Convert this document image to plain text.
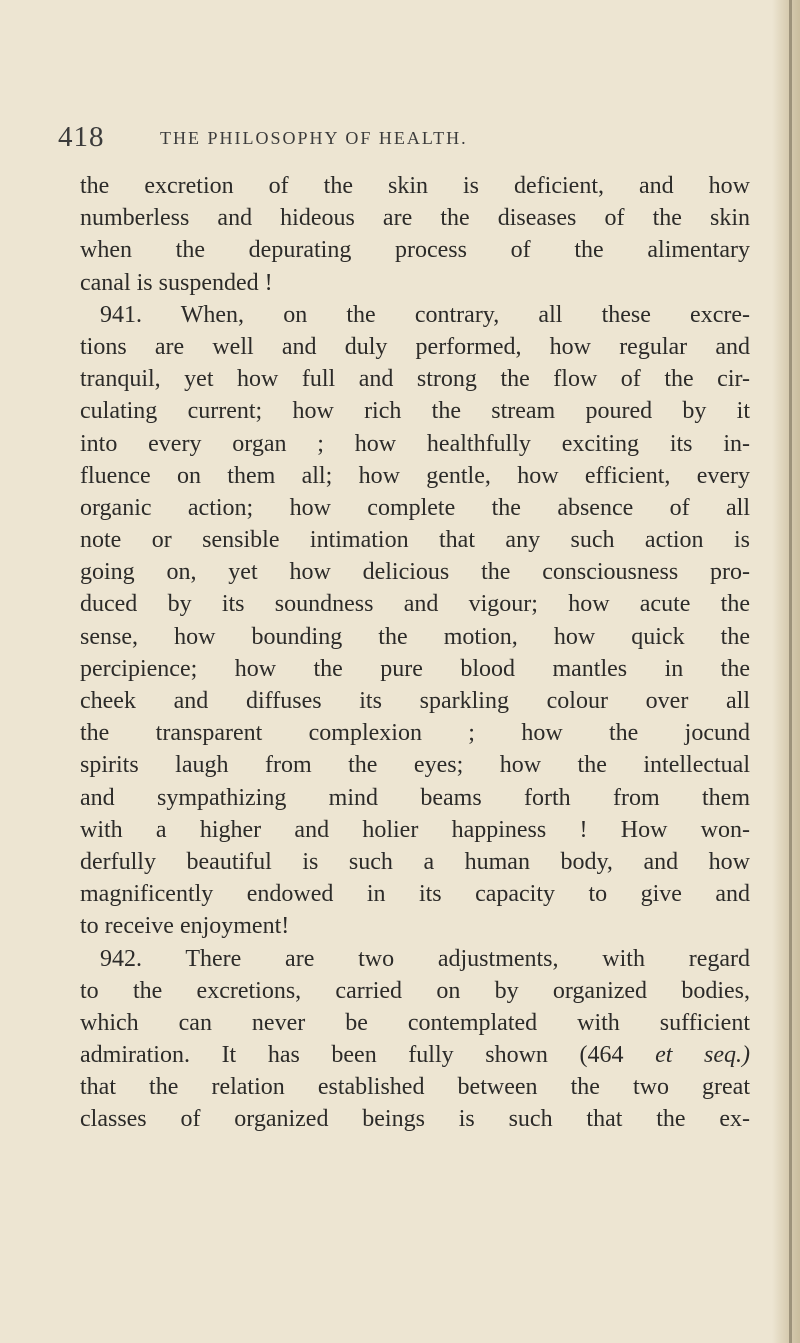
418	THE PHILOSOPHY OF HEALTH.
the excretion of the skin is deficient, and how
numberless and hideous are the diseases of the skin
when the depurating process of the alimentary
canal is suspended !
941. When, on the contrary, all these excre-
tions are well and duly performed, how regular and
tranquil, yet how full and strong the flow of the cir-
culating current; how rich the stream poured by it
into every organ ; how healthfully exciting its in-
fluence on them all; how gentle, how efficient, every
organic action; how complete the absence of all
note or sensible intimation that any such action is
going on, yet how delicious the consciousness pro-
duced by its soundness and vigour; how acute the
sense, how bounding the motion, how quick the
percipience; how the pure blood mantles in the
cheek and diffuses its sparkling colour over all
the transparent complexion ; how the jocund
spirits laugh from the eyes; how the intellectual
and sympathizing mind beams forth from them
with a higher and holier happiness ! How won-
derfully beautiful is such a human body, and how
magnificently endowed in its capacity to give and
to receive enjoyment!
942. There are two adjustments, with regard
to the excretions, carried on by organized bodies,
which can never be contemplated with sufficient
admiration. It has been fully shown (464 et seq.)
that the relation established between the two great
classes of organized beings is such that the ex-
